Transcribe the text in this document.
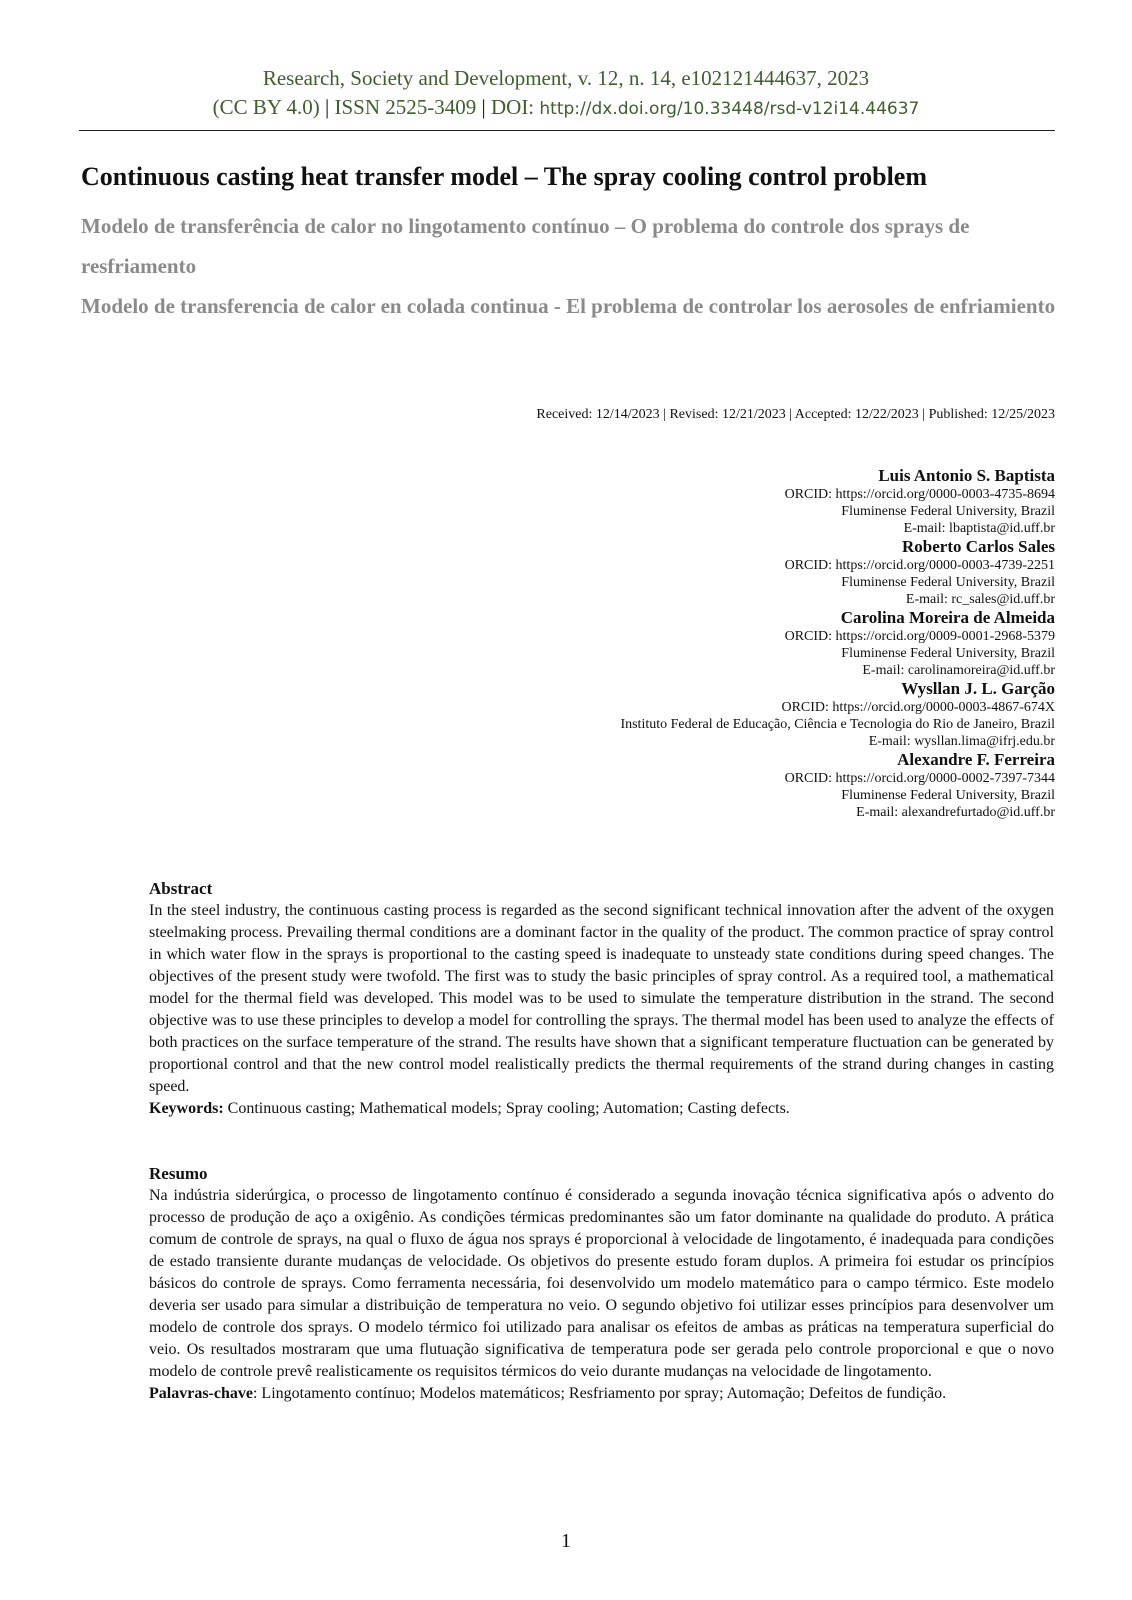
Research, Society and Development, v. 12, n. 14, e102121444637, 2023
(CC BY 4.0) | ISSN 2525-3409 | DOI: http://dx.doi.org/10.33448/rsd-v12i14.44637
Continuous casting heat transfer model – The spray cooling control problem

Modelo de transferência de calor no lingotamento contínuo – O problema do controle dos sprays de resfriamento

Modelo de transferencia de calor en colada continua - El problema de controlar los aerosoles de enfriamiento

Received: 12/14/2023 | Revised: 12/21/2023 | Accepted: 12/22/2023 | Published: 12/25/2023
Luis Antonio S. Baptista
ORCID: https://orcid.org/0000-0003-4735-8694
Fluminense Federal University, Brazil
E-mail: lbaptista@id.uff.br
Roberto Carlos Sales
ORCID: https://orcid.org/0000-0003-4739-2251
Fluminense Federal University, Brazil
E-mail: rc_sales@id.uff.br
Carolina Moreira de Almeida
ORCID: https://orcid.org/0009-0001-2968-5379
Fluminense Federal University, Brazil
E-mail: carolinamoreira@id.uff.br
Wysllan J. L. Garção
ORCID: https://orcid.org/0000-0003-4867-674X
Instituto Federal de Educação, Ciência e Tecnologia do Rio de Janeiro, Brazil
E-mail: wysllan.lima@ifrj.edu.br
Alexandre F. Ferreira
ORCID: https://orcid.org/0000-0002-7397-7344
Fluminense Federal University, Brazil
E-mail: alexandrefurtado@id.uff.br
Abstract

In the steel industry, the continuous casting process is regarded as the second significant technical innovation after the advent of the oxygen steelmaking process. Prevailing thermal conditions are a dominant factor in the quality of the product. The common practice of spray control in which water flow in the sprays is proportional to the casting speed is inadequate to unsteady state conditions during speed changes. The objectives of the present study were twofold. The first was to study the basic principles of spray control. As a required tool, a mathematical model for the thermal field was developed. This model was to be used to simulate the temperature distribution in the strand. The second objective was to use these principles to develop a model for controlling the sprays. The thermal model has been used to analyze the effects of both practices on the surface temperature of the strand. The results have shown that a significant temperature fluctuation can be generated by proportional control and that the new control model realistically predicts the thermal requirements of the strand during changes in casting speed.

Keywords: Continuous casting; Mathematical models; Spray cooling; Automation; Casting defects.

Resumo

Na indústria siderúrgica, o processo de lingotamento contínuo é considerado a segunda inovação técnica significativa após o advento do processo de produção de aço a oxigênio. As condições térmicas predominantes são um fator dominante na qualidade do produto. A prática comum de controle de sprays, na qual o fluxo de água nos sprays é proporcional à velocidade de lingotamento, é inadequada para condições de estado transiente durante mudanças de velocidade. Os objetivos do presente estudo foram duplos. A primeira foi estudar os princípios básicos do controle de sprays. Como ferramenta necessária, foi desenvolvido um modelo matemático para o campo térmico. Este modelo deveria ser usado para simular a distribuição de temperatura no veio. O segundo objetivo foi utilizar esses princípios para desenvolver um modelo de controle dos sprays. O modelo térmico foi utilizado para analisar os efeitos de ambas as práticas na temperatura superficial do veio. Os resultados mostraram que uma flutuação significativa de temperatura pode ser gerada pelo controle proporcional e que o novo modelo de controle prevê realisticamente os requisitos térmicos do veio durante mudanças na velocidade de lingotamento.

Palavras-chave: Lingotamento contínuo; Modelos matemáticos; Resfriamento por spray; Automação; Defeitos de fundição.

1
